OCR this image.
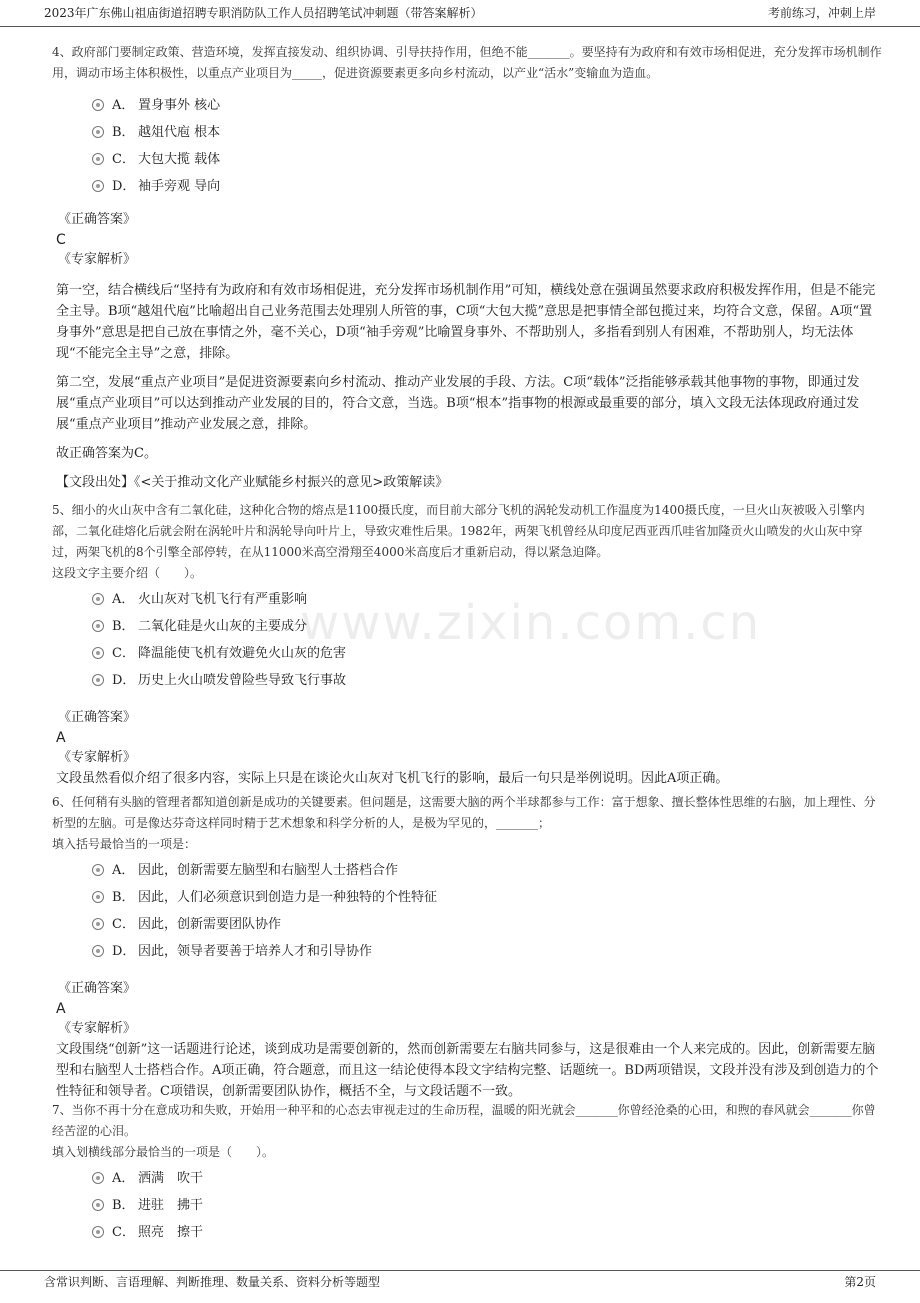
2023年广东佛山祖庙街道招聘专职消防队工作人员招聘笔试冲刺题（带答案解析）	考前练习，冲刺上岸
www.zixin.com.cn

4、政府部门要制定政策、营造环境，发挥直接发动、组织协调、引导扶持作用，但绝不能_______。要坚持有为政府和有效市场相促进，充分发挥市场机制作用，调动市场主体积极性，以重点产业项目为_____，促进资源要素更多向乡村流动，以产业“活水”变输血为造血。

A． 置身事外 核心
B． 越俎代庖 根本
C． 大包大揽 载体
D． 袖手旁观 导向
《正确答案》
C
《专家解析》

第一空，结合横线后“坚持有为政府和有效市场相促进，充分发挥市场机制作用”可知，横线处意在强调虽然要求政府积极发挥作用，但是不能完全主导。B项“越俎代庖”比喻超出自己业务范围去处理别人所管的事，C项“大包大揽”意思是把事情全部包揽过来，均符合文意，保留。A项“置身事外”意思是把自己放在事情之外，毫不关心，D项“袖手旁观”比喻置身事外、不帮助别人，多指看到别人有困难，不帮助别人，均无法体现“不能完全主导”之意，排除。

第二空，发展“重点产业项目”是促进资源要素向乡村流动、推动产业发展的手段、方法。C项“载体”泛指能够承载其他事物的事物，即通过发展“重点产业项目”可以达到推动产业发展的目的，符合文意，当选。B项“根本”指事物的根源或最重要的部分，填入文段无法体现政府通过发展“重点产业项目”推动产业发展之意，排除。

故正确答案为C。

【文段出处】《<关于推动文化产业赋能乡村振兴的意见>政策解读》

5、细小的火山灰中含有二氧化硅，这种化合物的熔点是1100摄氏度，而目前大部分飞机的涡轮发动机工作温度为1400摄氏度，一旦火山灰被吸入引擎内部，二氧化硅熔化后就会附在涡轮叶片和涡轮导向叶片上，导致灾难性后果。1982年，两架飞机曾经从印度尼西亚西爪哇省加隆贡火山喷发的火山灰中穿过，两架飞机的8个引擎全部停转，在从11000米高空滑翔至4000米高度后才重新启动，得以紧急迫降。

这段文字主要介绍（　　）。

A． 火山灰对飞机飞行有严重影响
B． 二氧化硅是火山灰的主要成分
C． 降温能使飞机有效避免火山灰的危害
D． 历史上火山喷发曾险些导致飞行事故
《正确答案》
A
《专家解析》

文段虽然看似介绍了很多内容，实际上只是在谈论火山灰对飞机飞行的影响，最后一句只是举例说明。因此A项正确。

6、任何稍有头脑的管理者都知道创新是成功的关键要素。但问题是，这需要大脑的两个半球都参与工作：富于想象、擅长整体性思维的右脑，加上理性、分析型的左脑。可是像达芬奇这样同时精于艺术想象和科学分析的人，是极为罕见的，_______；

填入括号最恰当的一项是：

A． 因此，创新需要左脑型和右脑型人士搭档合作
B． 因此，人们必须意识到创造力是一种独特的个性特征
C． 因此，创新需要团队协作
D． 因此，领导者要善于培养人才和引导协作
《正确答案》
A
《专家解析》

文段围绕“创新”这一话题进行论述，谈到成功是需要创新的，然而创新需要左右脑共同参与，这是很难由一个人来完成的。因此，创新需要左脑型和右脑型人士搭档合作。A项正确，符合题意，而且这一结论使得本段文字结构完整、话题统一。BD两项错误，文段并没有涉及到创造力的个性特征和领导者。C项错误，创新需要团队协作，概括不全，与文段话题不一致。

7、当你不再十分在意成功和失败，开始用一种平和的心态去审视走过的生命历程，温暖的阳光就会_______你曾经沧桑的心田，和煦的春风就会_______你曾经苦涩的心泪。

填入划横线部分最恰当的一项是（　　）。

A． 洒满　吹干
B． 进驻　拂干
C． 照亮　擦干
含常识判断、言语理解、判断推理、数量关系、资料分析等题型	第2页
